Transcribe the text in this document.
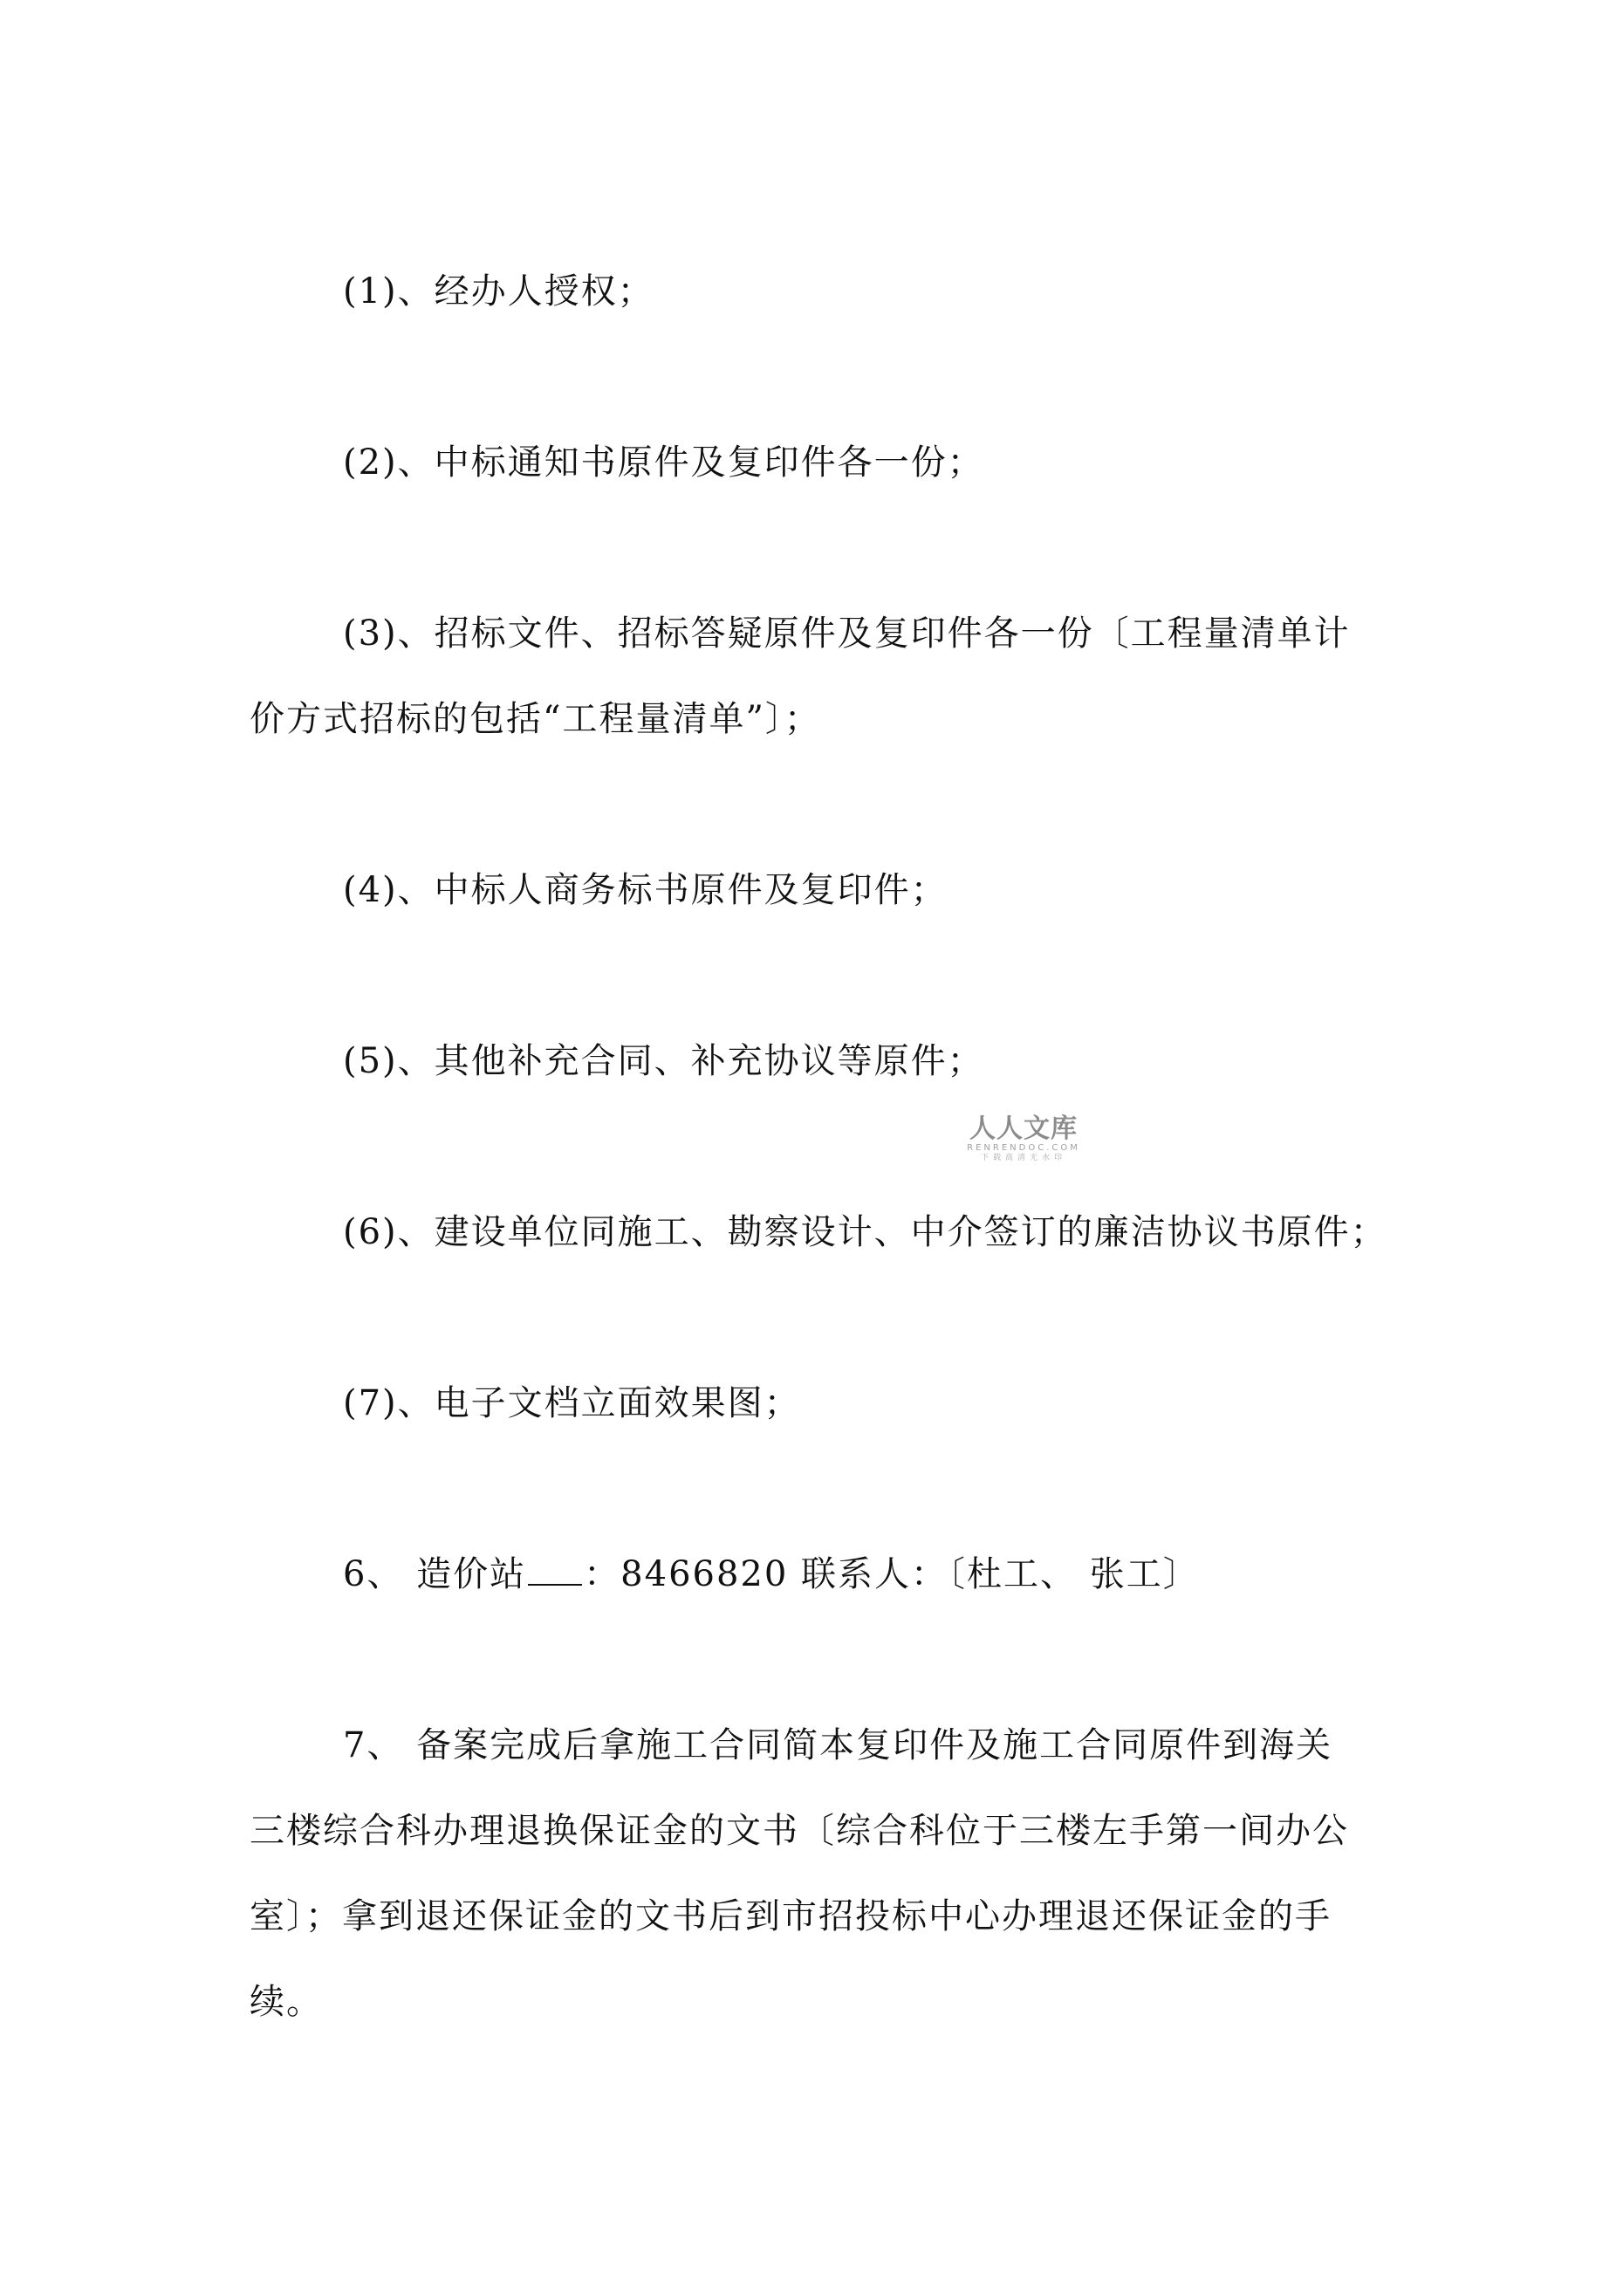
(1)、经办人授权；
(2)、中标通知书原件及复印件各一份；
(3)、招标文件、招标答疑原件及复印件各一份〔工程量清单计
价方式招标的包括“工程量清单”〕；
(4)、中标人商务标书原件及复印件；
(5)、其他补充合同、补充协议等原件；
人人文库
RENRENDOC.COM
下载高清无水印
(6)、建设单位同施工、勘察设计、中介签订的廉洁协议书原件；
(7)、电子文档立面效果图；
6、 造价站 ：8466820 联系人：〔杜工、 张工〕
7、 备案完成后拿施工合同简本复印件及施工合同原件到海关
三楼综合科办理退换保证金的文书〔综合科位于三楼左手第一间办公
室〕；拿到退还保证金的文书后到市招投标中心办理退还保证金的手
续。
